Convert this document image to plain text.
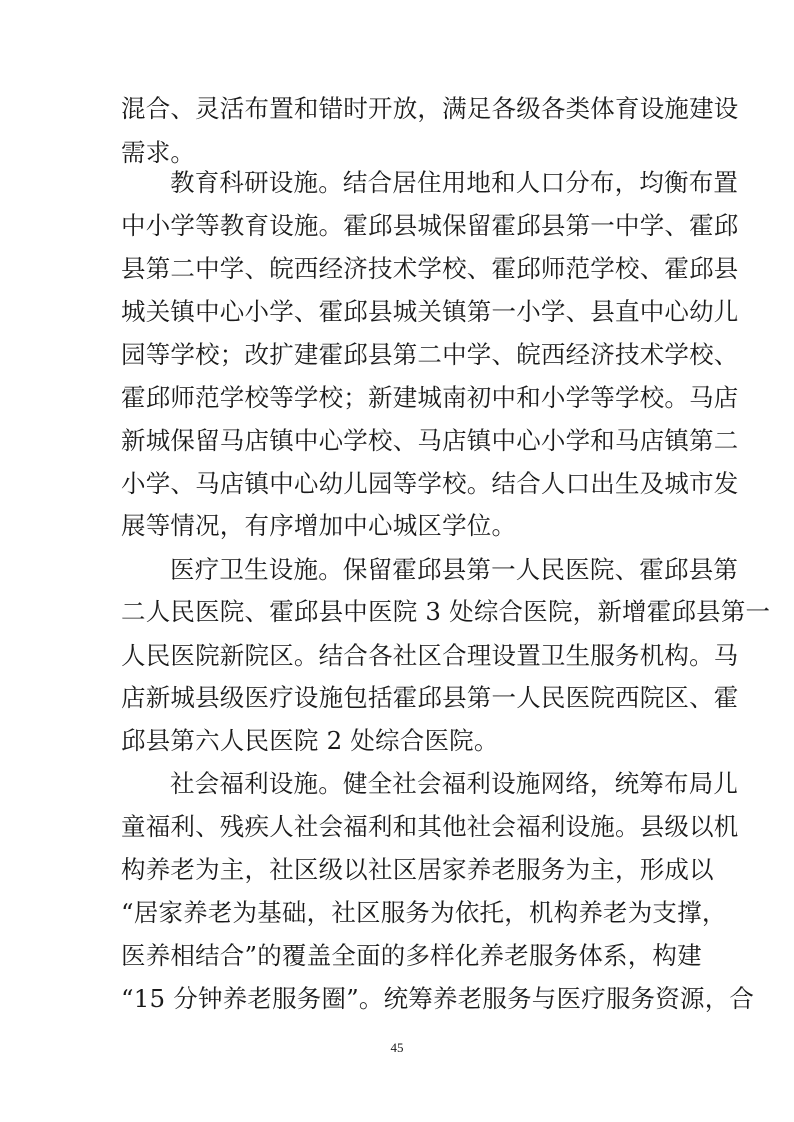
混合、灵活布置和错时开放，满足各级各类体育设施建设
需求。
教育科研设施。结合居住用地和人口分布，均衡布置
中小学等教育设施。霍邱县城保留霍邱县第一中学、霍邱
县第二中学、皖西经济技术学校、霍邱师范学校、霍邱县
城关镇中心小学、霍邱县城关镇第一小学、县直中心幼儿
园等学校；改扩建霍邱县第二中学、皖西经济技术学校、
霍邱师范学校等学校；新建城南初中和小学等学校。马店
新城保留马店镇中心学校、马店镇中心小学和马店镇第二
小学、马店镇中心幼儿园等学校。结合人口出生及城市发
展等情况，有序增加中心城区学位。
医疗卫生设施。保留霍邱县第一人民医院、霍邱县第
二人民医院、霍邱县中医院 3 处综合医院，新增霍邱县第一
人民医院新院区。结合各社区合理设置卫生服务机构。马
店新城县级医疗设施包括霍邱县第一人民医院西院区、霍
邱县第六人民医院 2 处综合医院。
社会福利设施。健全社会福利设施网络，统筹布局儿
童福利、残疾人社会福利和其他社会福利设施。县级以机
构养老为主，社区级以社区居家养老服务为主，形成以
“居家养老为基础，社区服务为依托，机构养老为支撑，
医养相结合”的覆盖全面的多样化养老服务体系，构建
“15 分钟养老服务圈”。统筹养老服务与医疗服务资源，合
45
